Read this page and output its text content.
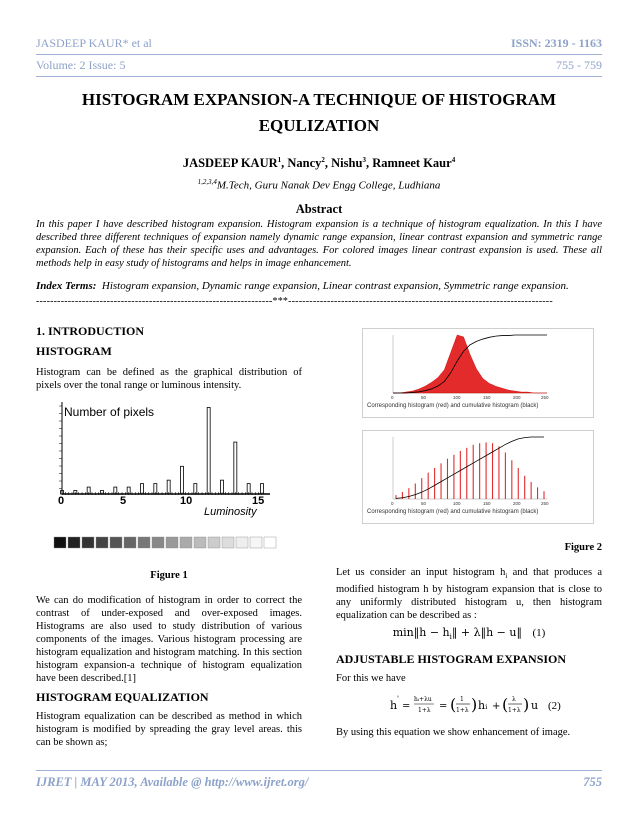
JASDEEP KAUR* et al	ISSN: 2319 - 1163
Volume: 2 Issue: 5	755 - 759
HISTOGRAM EXPANSION-A TECHNIQUE OF HISTOGRAM
EQULIZATION
JASDEEP KAUR$^1$, Nancy$^2$, Nishu$^3$, Ramneet Kaur$^4$
$^{1,2,3,4}$M.Tech, Guru Nanak Dev Engg College, Ludhiana
Abstract
In this paper I have described histogram expansion. Histogram expansion is a technique of histogram equalization. In this I have described three different techniques of expansion namely dynamic range expansion, linear contrast expansion and symmetric range expansion. Each of these has their specific uses and advantages. For colored images linear contrast expansion is used. These all methods help in easy study of histograms and helps in image enhancement.
Index Terms: Histogram expansion, Dynamic range expansion, Linear contrast expansion, Symmetric range expansion.
-------------------------------------------------------------------***---------------------------------------------------------------------------
1. INTRODUCTION
HISTOGRAM
Histogram can be defined as the graphical distribution of pixels over the tonal range or luminous intensity.
Number of pixels
Luminosity
0	5	10	15
Figure 1
We can do modification of histogram in order to correct the contrast of under-exposed and over-exposed images. Histograms are also used to study distribution of various components of the images. Various histogram processing are histogram equalization and histogram matching. In this section histogram expansion-a technique of histogram equalization have been described.[1]
HISTOGRAM EQUALIZATION
Histogram equalization can be described as method in which histogram is modified by spreading the gray level areas. this can be shown as;
0	50	100	150	200	250
Corresponding histogram (red) and cumulative histogram (black)
0	50	100	150	200	250
Corresponding histogram (red) and cumulative histogram (black)
Figure 2
Let us consider an input histogram $h_i$ and that produces a modified histogram h by histogram expansion that is close to any uniformly distributed histogram u, then histogram equalization can be described as :
min‖h − $h_i‖$ + λ‖h − u‖ (1)
ADJUSTABLE HISTOGRAM EXPANSION
For this we have
h '
=
hᵢ+λu
1+λ = ( 1
1+λ ) hᵢ + ( λ
1+λ ) u (2)
By using this equation we show enhancement of image.
IJRET | MAY 2013, Available @ http://www.ijret.org/	755
